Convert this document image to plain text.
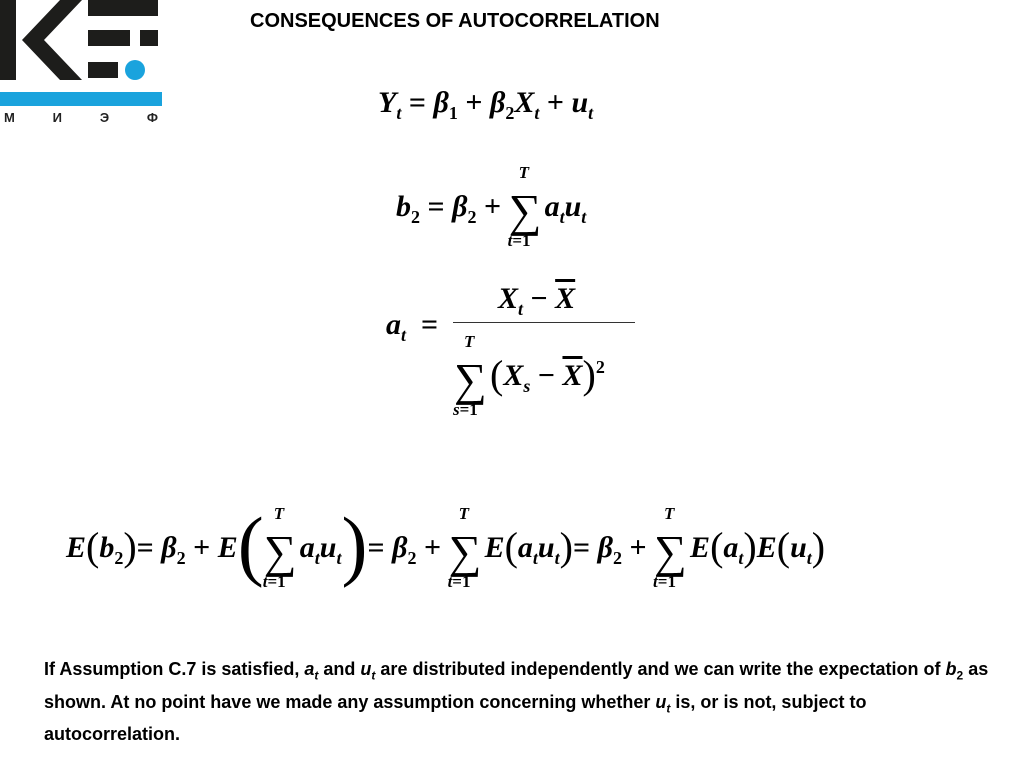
М	И	Э	Ф
CONSEQUENCES OF AUTOCORRELATION
$Y_t = \beta_1 + \beta_2X_t + u_t$
$b_2 = \beta_2$ + ∑
T
t=1
$a_tu_t$
$a_t$  =
$X_t - \overline{X}$
∑
T
s=1
$(X_s - \overline{X})^2$
$E(b_2)= \beta_2 + E$( ∑
T
t=1
$a_tu_t)= \beta_2$ + ∑
T
t=1
$E(a_tu_t)= \beta_2$ + ∑
T
t=1
$E(a_t)E(u_t)$
If Assumption C.7 is satisfied, $a_t$ and $u_t$ are distributed independently and we can write the expectation of $b_2$ as shown. At no point have we made any assumption concerning whether $u_t$ is, or is not, subject to autocorrelation.
